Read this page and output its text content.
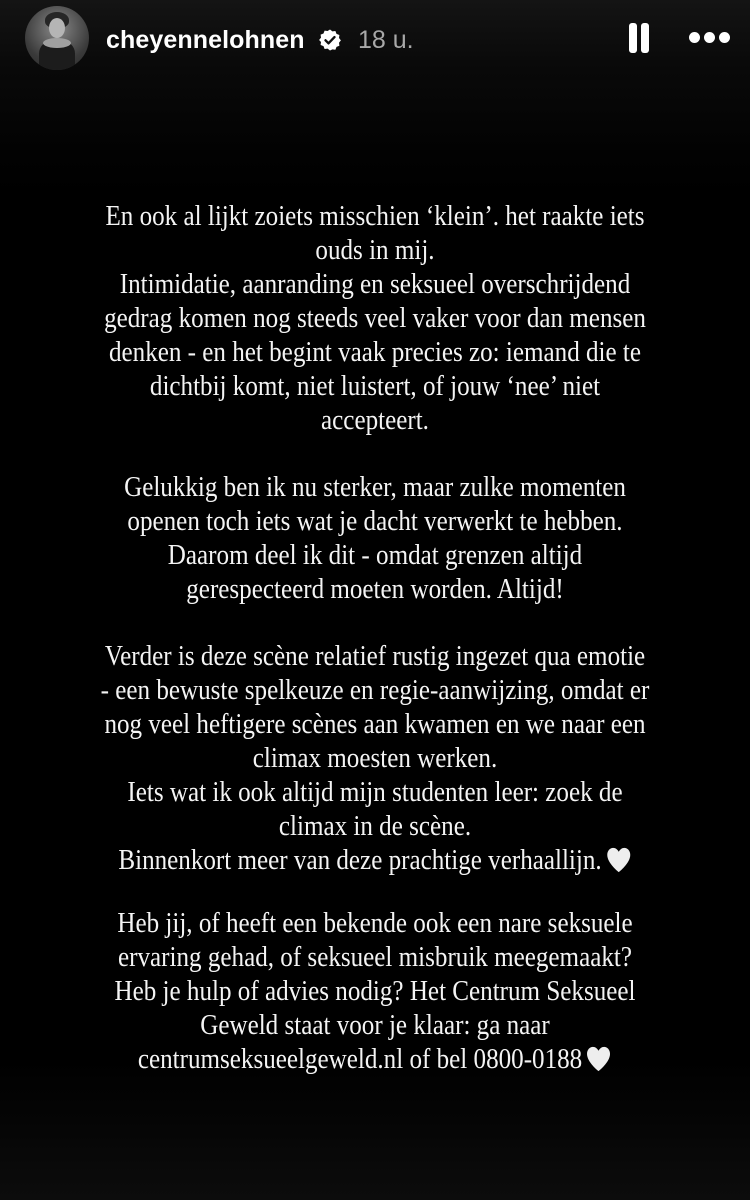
cheyennelohnen 18 u.
En ook al lijkt zoiets misschien ‘klein’. het raakte iets
ouds in mij.
Intimidatie, aanranding en seksueel overschrijdend
gedrag komen nog steeds veel vaker voor dan mensen
denken - en het begint vaak precies zo: iemand die te
dichtbij komt, niet luistert, of jouw ‘nee’ niet
accepteert.
Gelukkig ben ik nu sterker, maar zulke momenten
openen toch iets wat je dacht verwerkt te hebben.
Daarom deel ik dit - omdat grenzen altijd
gerespecteerd moeten worden. Altijd!
Verder is deze scène relatief rustig ingezet qua emotie
- een bewuste spelkeuze en regie-aanwijzing, omdat er
nog veel heftigere scènes aan kwamen en we naar een
climax moesten werken.
Iets wat ik ook altijd mijn studenten leer: zoek de
climax in de scène.
Binnenkort meer van deze prachtige verhaallijn.
Heb jij, of heeft een bekende ook een nare seksuele
ervaring gehad, of seksueel misbruik meegemaakt?
Heb je hulp of advies nodig? Het Centrum Seksueel
Geweld staat voor je klaar: ga naar
centrumseksueelgeweld.nl of bel 0800-0188
